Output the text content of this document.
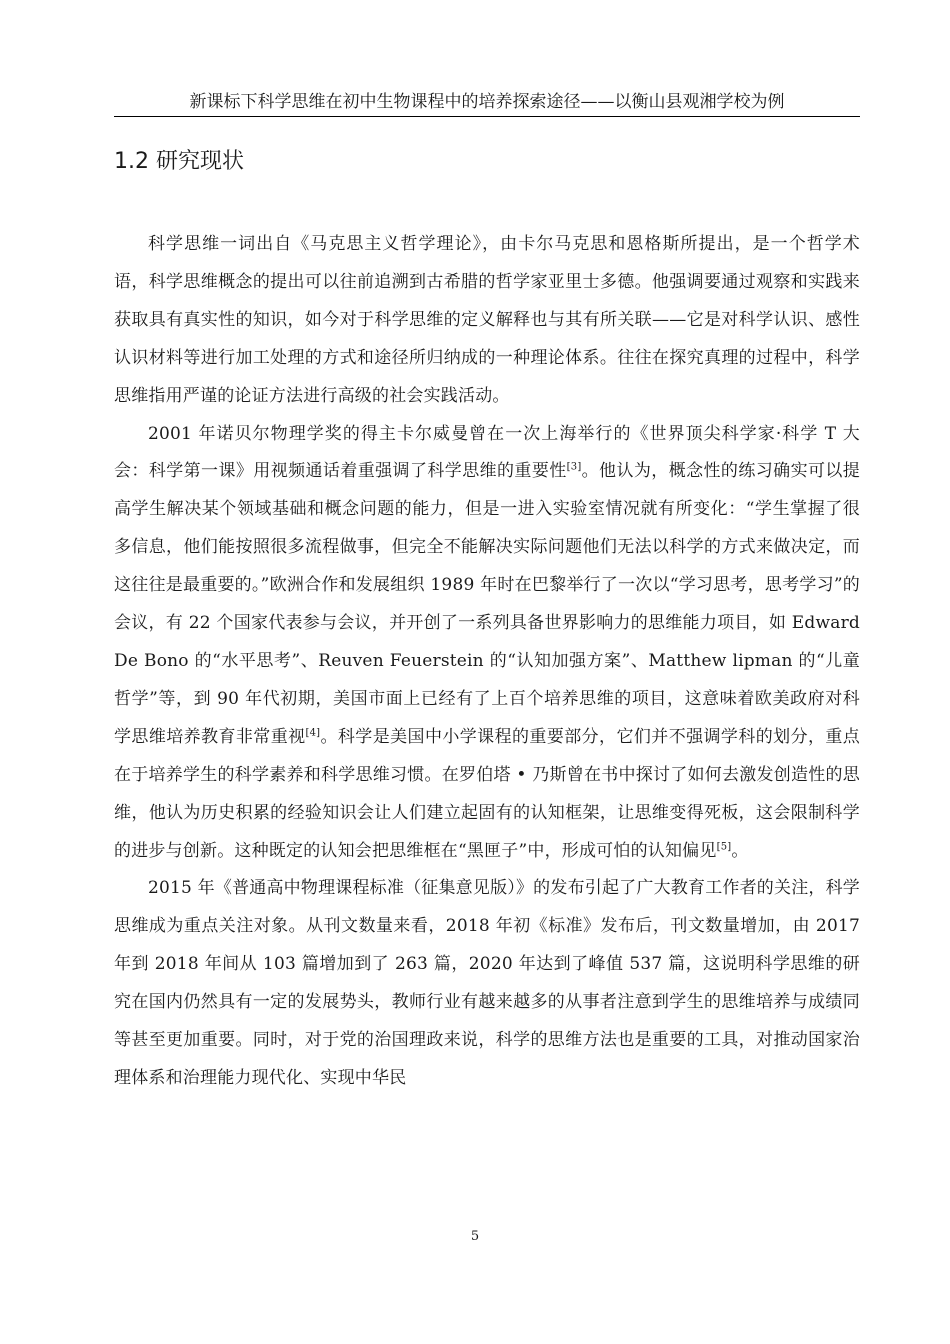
新课标下科学思维在初中生物课程中的培养探索途径——以衡山县观湘学校为例
1.2 研究现状

科学思维一词出自《马克思主义哲学理论》，由卡尔马克思和恩格斯所提出，是一个哲学术语，科学思维概念的提出可以往前追溯到古希腊的哲学家亚里士多德。他强调要通过观察和实践来获取具有真实性的知识，如今对于科学思维的定义解释也与其有所关联——它是对科学认识、感性认识材料等进行加工处理的方式和途径所归纳成的一种理论体系。往往在探究真理的过程中，科学思维指用严谨的论证方法进行高级的社会实践活动。

2001 年诺贝尔物理学奖的得主卡尔威曼曾在一次上海举行的《世界顶尖科学家·科学 T 大会：科学第一课》用视频通话着重强调了科学思维的重要性[3]。他认为，概念性的练习确实可以提高学生解决某个领域基础和概念问题的能力，但是一进入实验室情况就有所变化：“学生掌握了很多信息，他们能按照很多流程做事，但完全不能解决实际问题他们无法以科学的方式来做决定，而这往往是最重要的。”欧洲合作和发展组织 1989 年时在巴黎举行了一次以“学习思考，思考学习”的会议，有 22 个国家代表参与会议，并开创了一系列具备世界影响力的思维能力项目，如 Edward De Bono 的“水平思考”、Reuven Feuerstein 的“认知加强方案”、Matthew lipman 的“儿童哲学”等，到 90 年代初期，美国市面上已经有了上百个培养思维的项目，这意味着欧美政府对科学思维培养教育非常重视[4]。科学是美国中小学课程的重要部分，它们并不强调学科的划分，重点在于培养学生的科学素养和科学思维习惯。在罗伯塔 • 乃斯曾在书中探讨了如何去激发创造性的思维，他认为历史积累的经验知识会让人们建立起固有的认知框架，让思维变得死板，这会限制科学的进步与创新。这种既定的认知会把思维框在“黑匣子”中，形成可怕的认知偏见[5]。

2015 年《普通高中物理课程标准（征集意见版）》的发布引起了广大教育工作者的关注，科学思维成为重点关注对象。从刊文数量来看，2018 年初《标准》发布后，刊文数量增加，由 2017 年到 2018 年间从 103 篇增加到了 263 篇，2020 年达到了峰值 537 篇，这说明科学思维的研究在国内仍然具有一定的发展势头，教师行业有越来越多的从事者注意到学生的思维培养与成绩同等甚至更加重要。同时，对于党的治国理政来说，科学的思维方法也是重要的工具，对推动国家治理体系和治理能力现代化、实现中华民

5
